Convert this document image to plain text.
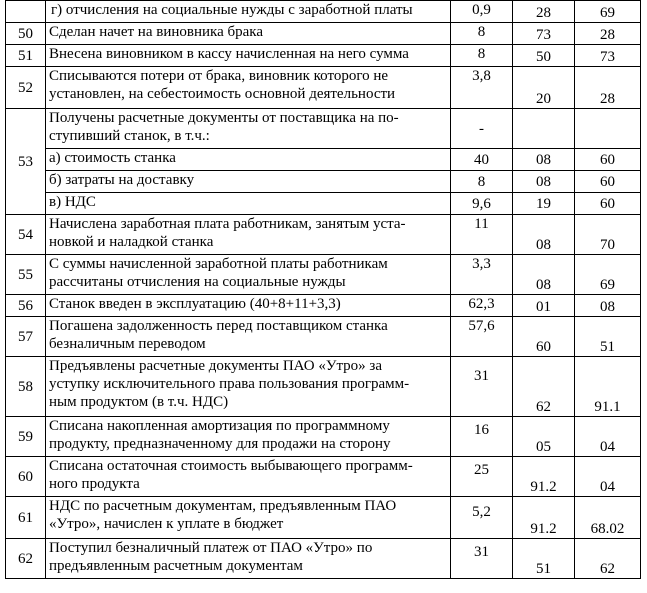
	г) отчисления на социальные нужды с заработной платы	0,9	28	69
50	Сделан начет на виновника брака	8	73	28
51	Внесена виновником в кассу начисленная на него сумма	8	50	73
52	Списываются потери от брака, виновник которого не
установлен, на себестоимость основной деятельности	3,8	20	28
53	Получены расчетные документы от поставщика на по-
ступивший станок, в т.ч.:	-		
	а) стоимость станка	40	08	60
	б) затраты на доставку	8	08	60
	в) НДС	9,6	19	60
54	Начислена заработная плата работникам, занятым уста-
новкой и наладкой станка	11	08	70
55	С суммы начисленной заработной платы работникам
рассчитаны отчисления на социальные нужды	3,3	08	69
56	Станок введен в эксплуатацию (40+8+11+3,3)	62,3	01	08
57	Погашена задолженность перед поставщиком станка
безналичным переводом	57,6	60	51
58	Предъявлены расчетные документы ПАО «Утро» за
уступку исключительного права пользования программ-
ным продуктом (в т.ч. НДС)	31	62	91.1
59	Списана накопленная амортизация по программному
продукту, предназначенному для продажи на сторону	16	05	04
60	Списана остаточная стоимость выбывающего программ-
ного продукта	25	91.2	04
61	НДС по расчетным документам, предъявленным ПАО
«Утро», начислен к уплате в бюджет	5,2	91.2	68.02
62	Поступил безналичный платеж от ПАО «Утро» по
предъявленным расчетным документам	31	51	62
